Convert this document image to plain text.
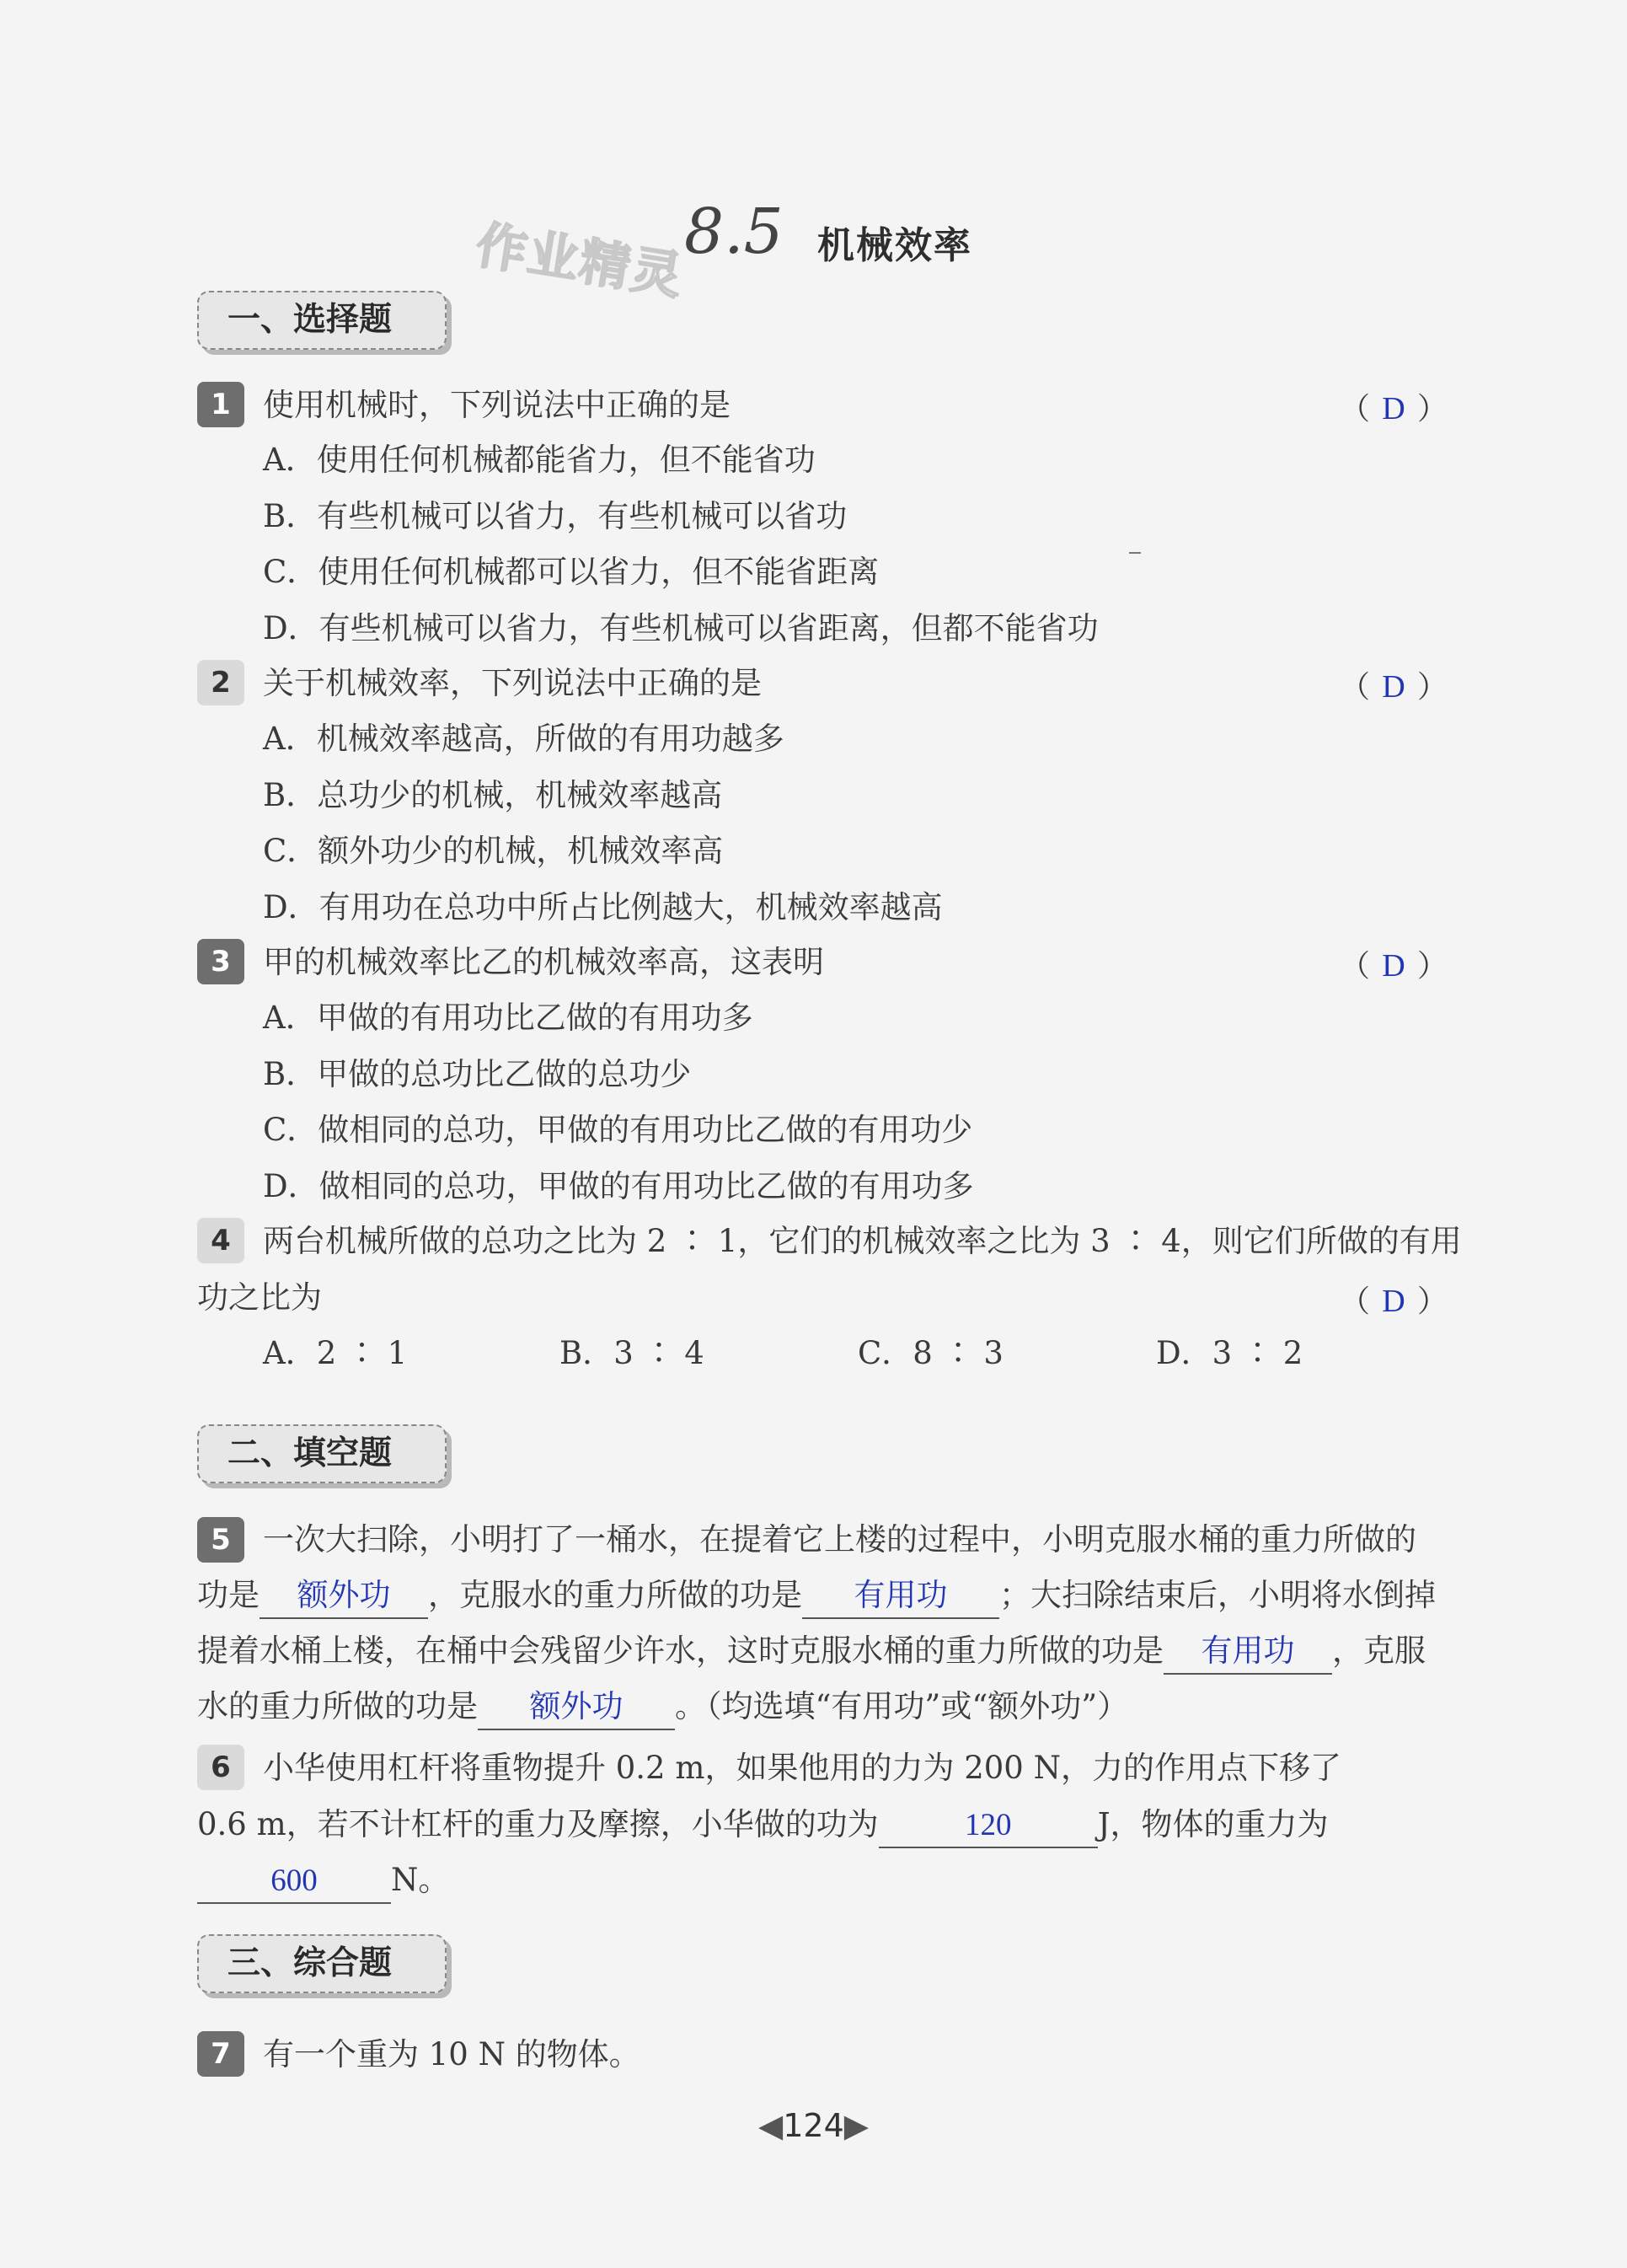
作业精灵
8.5 机械效率
一、选择题
1	使用机械时，下列说法中正确的是	（ D ）
A．使用任何机械都能省力，但不能省功
B．有些机械可以省力，有些机械可以省功
C．使用任何机械都可以省力，但不能省距离
D．有些机械可以省力，有些机械可以省距离，但都不能省功
2	关于机械效率，下列说法中正确的是	（ D ）
A．机械效率越高，所做的有用功越多
B．总功少的机械，机械效率越高
C．额外功少的机械，机械效率高
D．有用功在总功中所占比例越大，机械效率越高
3	甲的机械效率比乙的机械效率高，这表明	（ D ）
A．甲做的有用功比乙做的有用功多
B．甲做的总功比乙做的总功少
C．做相同的总功，甲做的有用功比乙做的有用功少
D．做相同的总功，甲做的有用功比乙做的有用功多
4	两台机械所做的总功之比为 2 ∶ 1，它们的机械效率之比为 3 ∶ 4，则它们所做的有用
功之比为	（ D ）
A．2 ∶ 1	B．3 ∶ 4	C．8 ∶ 3	D．3 ∶ 2
二、填空题
5	一次大扫除，小明打了一桶水，在提着它上楼的过程中，小明克服水桶的重力所做的
功是 额外功 ，克服水的重力所做的功是 有用功 ；大扫除结束后，小明将水倒掉
提着水桶上楼，在桶中会残留少许水，这时克服水桶的重力所做的功是 有用功 ，克服
水的重力所做的功是 额外功 。（均选填“有用功”或“额外功”）
6	小华使用杠杆将重物提升 0.2 m，如果他用的力为 200 N，力的作用点下移了
0.6 m，若不计杠杆的重力及摩擦，小华做的功为	120	J，物体的重力为
600 N。
三、综合题
7	有一个重为 10 N 的物体。
◀124▶
